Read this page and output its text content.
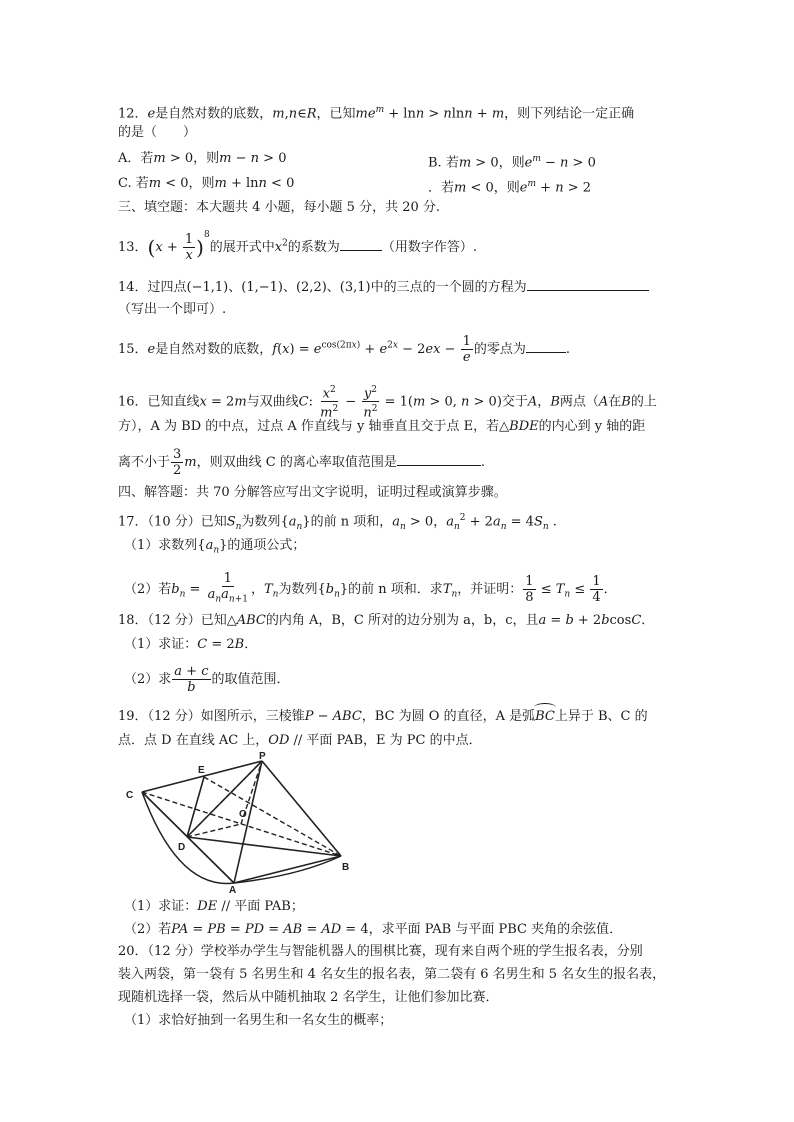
12．e是自然对数的底数，m,n∈R，已知$me^m + \ln n > nlnn + m$，则下列结论一定正确
的是（　　）
A．若m > 0，则m − n > 0	B. 若m > 0，则$e^m - n > 0$
C. 若m < 0，则m + lnn < 0	．若m < 0，则$e^m + n > 2$
三、填空题：本大题共 4 小题，每小题 5 分，共 20 分.
13．$(x + \frac{1}{x} )^8$的展开式中$x^2$的系数为	（用数字作答）.
14．过四点(−1,1)、(1,−1)、(2,2)、(3,1)中的三点的一个圆的方程为
（写出一个即可）.
15．e是自然对数的底数，$f(x) = e^{cos(2\pi x)} + e^{2x} - 2ex - \frac{1}{e}$ 的零点为	.
16．已知直线x = 2m与双曲线C: $\frac{x^2}{m^2} - \frac{y^2}{n^2} = 1(m > 0$, n > 0)交于A，B两点（A在B的上
方），A 为 BD 的中点，过点 A 作直线与 y 轴垂直且交于点 E，若△BDE的内心到 y 轴的距
离不小于 $\frac{3}{2}$ m，则双曲线 C 的离心率取值范围是	.
四、解答题：共 70 分解答应写出文字说明，证明过程或演算步骤。
17．（10 分）已知$S_n$为数列$\{a_n\}$的前 n 项和，$a_n > 0$，$a_n^2 + 2a_n = 4S_n$ .
（1）求数列$\{a_n\}$的通项公式；
（2）若$b_n = \frac{1}{a_na_{n+1}}$ ，$T_n$为数列$\{b_n\}$的前 n 项和．求$T_n$，并证明： $\frac{1}{8} \le T_n \le \frac{1}{4}$ ．
18．（12 分）已知△ABC的内角 A，B，C 所对的边分别为 a，b，c，且a = b + 2bcosC．
（1）求证：C = 2B．
（2）求 $\frac{a + c}{b}$ 的取值范围．
19．（12 分）如图所示，三棱锥P − ABC，BC 为圆 O 的直径，A 是弧BC上异于 B、C 的
点．点 D 在直线 AC 上，OD // 平面 PAB，E 为 PC 的中点．
E
P
C
O
D
B
A
（1）求证：DE // 平面 PAB；
（2）若PA = PB = PD = AB = AD = 4，求平面 PAB 与平面 PBC 夹角的余弦值．
20．（12 分）学校举办学生与智能机器人的围棋比赛，现有来自两个班的学生报名表，分别
装入两袋，第一袋有 5 名男生和 4 名女生的报名表，第二袋有 6 名男生和 5 名女生的报名表，
现随机选择一袋，然后从中随机抽取 2 名学生，让他们参加比赛．
（1）求恰好抽到一名男生和一名女生的概率；
